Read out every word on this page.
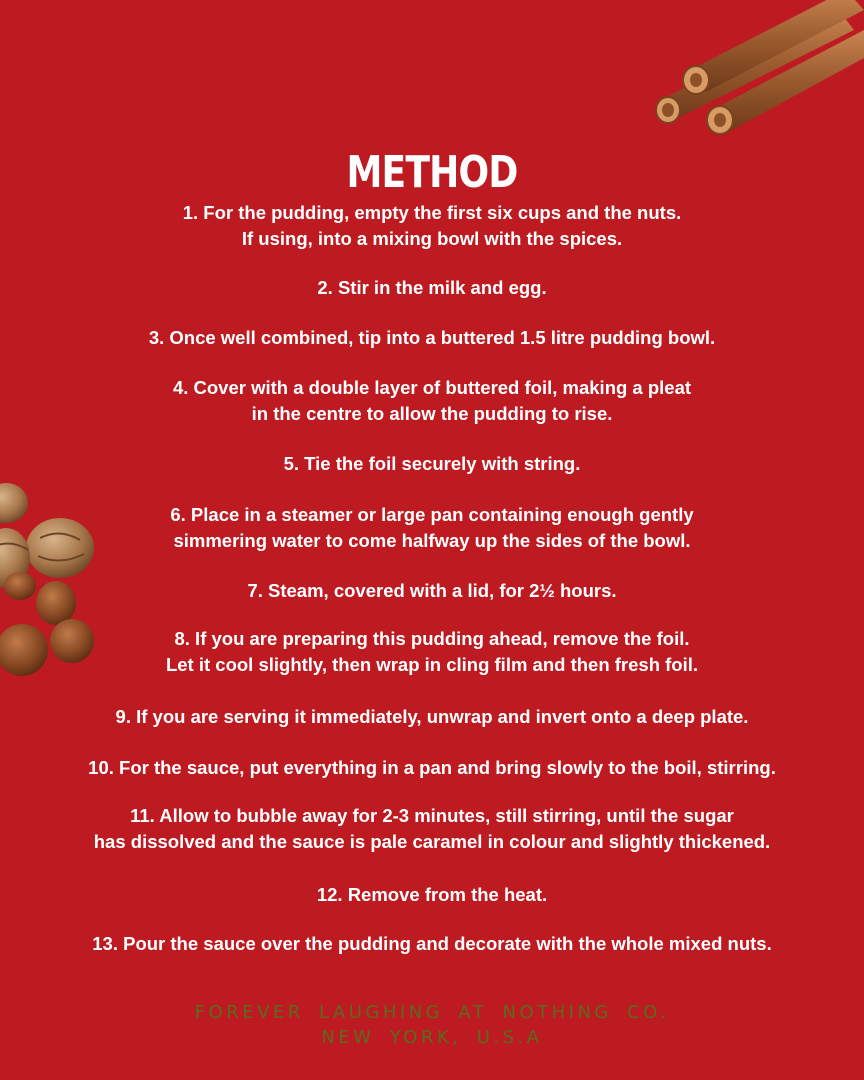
METHOD

1. For the pudding, empty the first six cups and the nuts.
If using, into a mixing bowl with the spices.

2. Stir in the milk and egg.

3. Once well combined, tip into a buttered 1.5 litre pudding bowl.

4. Cover with a double layer of buttered foil, making a pleat
in the centre to allow the pudding to rise.

5. Tie the foil securely with string.

6. Place in a steamer or large pan containing enough gently
simmering water to come halfway up the sides of the bowl.

7. Steam, covered with a lid, for 2½ hours.

8. If you are preparing this pudding ahead, remove the foil.
Let it cool slightly, then wrap in cling film and then fresh foil.

9. If you are serving it immediately, unwrap and invert onto a deep plate.

10. For the sauce, put everything in a pan and bring slowly to the boil, stirring.

11. Allow to bubble away for 2-3 minutes, still stirring, until the sugar
has dissolved and the sauce is pale caramel in colour and slightly thickened.

12. Remove from the heat.

13. Pour the sauce over the pudding and decorate with the whole mixed nuts.

FOREVER LAUGHING AT NOTHING CO.
NEW YORK, U.S.A
